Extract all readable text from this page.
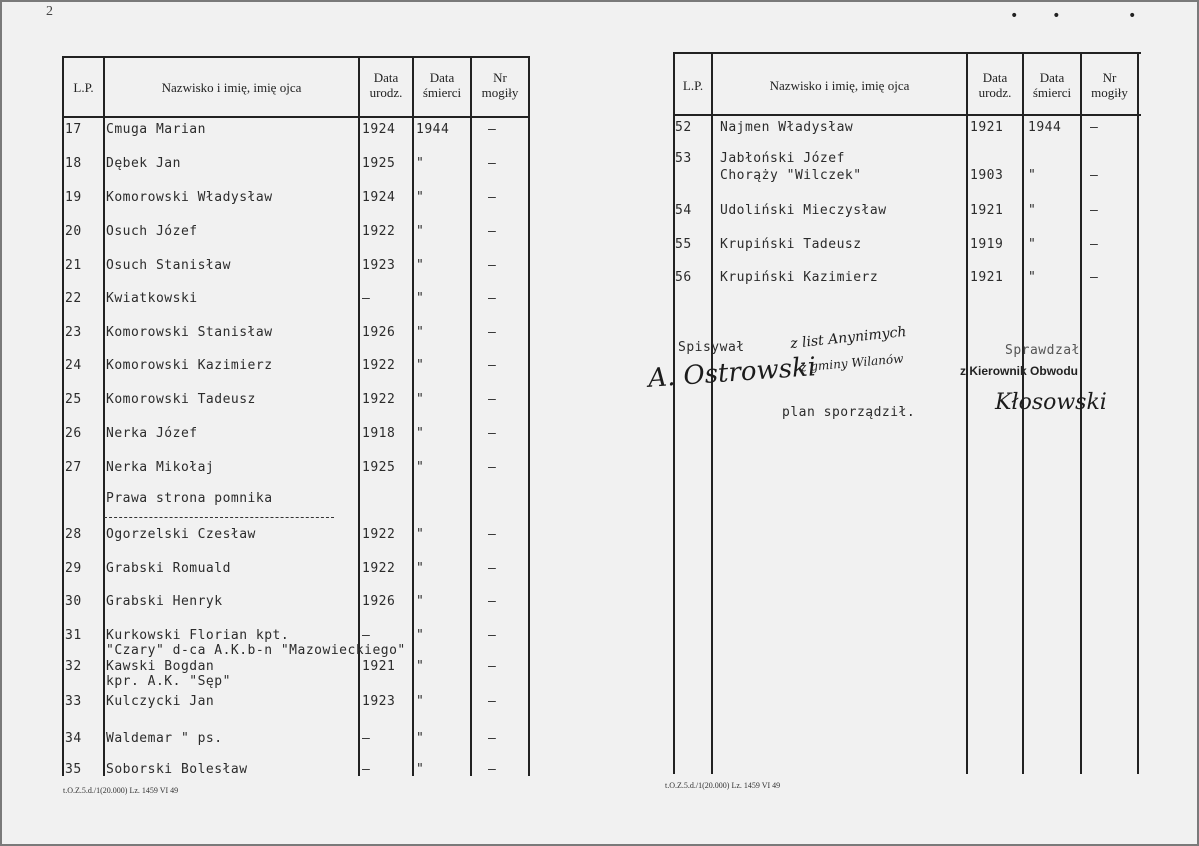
2	•    •        •
L.P.	Nazwisko i imię, imię ojca
Data
urodz.
Data
śmierci
Nr
mogiły
17 Cmuga Marian	1924 1944	–
18 Dębek Jan	1925 "	–
19 Komorowski Władysław	1924 "	–
20 Osuch Józef	1922 "	–
21 Osuch Stanisław	1923 "	–
22 Kwiatkowski	–	"	–
23 Komorowski Stanisław	1926 "	–
24 Komorowski Kazimierz	1922 "	–
25 Komorowski Tadeusz	1922 "	–
26 Nerka Józef	1918 "	–
27 Nerka Mikołaj	1925 "	–
Prawa strona pomnika
28 Ogorzelski Czesław	1922 "	–
29 Grabski Romuald	1922 "	–
30 Grabski Henryk	1926 "	–
31 Kurkowski Florian kpt.	–	"	–
"Czary" d-ca A.K.b-n "Mazowieckiego"
32 Kawski Bogdan	1921 "	–
kpr. A.K. "Sęp"
33 Kulczycki Jan	1923 "	–
34 Waldemar " ps.	–	"	–
35 Soborski Bolesław	–	"	–
L.P.	Nazwisko i imię, imię ojca
Data
urodz.
Data
śmierci
Nr
mogiły
52 Najmen Władysław	1921 1944 –
53 Jabłoński Józef
Chorąży "Wilczek"	1903 "	–
54 Udoliński Mieczysław	1921 "	–
55 Krupiński Tadeusz	1919 "	–
56 Krupiński Kazimierz	1921 "	–
Spisywał	z list Anynimych
z gminy Wilanów
A. Ostrowski
plan sporządził.
Sprawdzał
z Kierownik Obwodu
Kłosowski
t.O.Z.5.d./1(20.000) Lz. 1459 VI 49
t.O.Z.5.d./1(20.000) Lz. 1459 VI 49
